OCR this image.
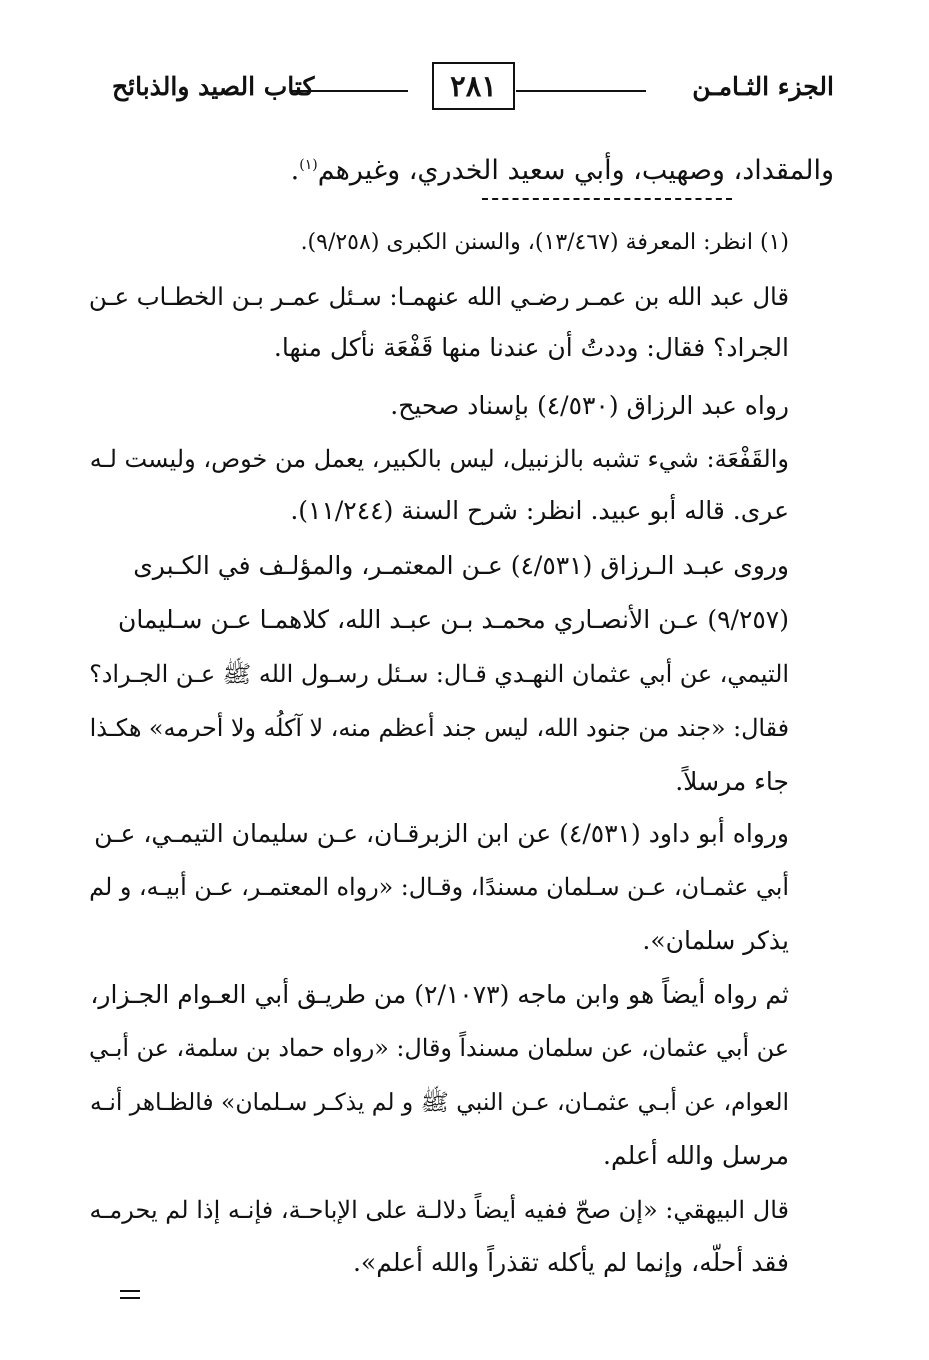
الجزء الثـامـن
٢٨١
كتاب الصيد والذبائح
والمقداد، وصهيب، وأبي سعيد الخدري، وغيرهم$^{(١)}$.
(١) انظر: المعرفة (١٣/٤٦٧)، والسنن الكبرى (٩/٢٥٨).
قال عبد الله بن عمـر رضـي الله عنهمـا: سـئل عمـر بـن الخطـاب عـن
الجراد؟ فقال: وددتُ أن عندنا منها قَفْعَة نأكل منها.
رواه عبد الرزاق (٤/٥٣٠) بإسناد صحيح.
والقَفْعَة: شيء تشبه بالزنبيل، ليس بالكبير، يعمل من خوص، وليست لـه
عرى. قاله أبو عبيد. انظر: شرح السنة (١١/٢٤٤).
وروى عبـد الـرزاق (٤/٥٣١) عـن المعتمـر، والمؤلـف في الكـبرى
(٩/٢٥٧) عـن الأنصـاري محمـد بـن عبـد الله، كلاهمـا عـن سـليمان
التيمي، عن أبي عثمان النهـدي قـال: سـئل رسـول الله ﷺ عـن الجـراد؟
فقال: «جند من جنود الله، ليس جند أعظم منه، لا آكلُه ولا أحرمه» هكـذا
جاء مرسلاً.
ورواه أبو داود (٤/٥٣١) عن ابن الزبرقـان، عـن سليمان التيمـي، عـن
أبي عثمـان، عـن سـلمان مسندًا، وقـال: «رواه المعتمـر، عـن أبيـه، و لم
يذكر سلمان».
ثم رواه أيضاً هو وابن ماجه (٢/١٠٧٣) من طريـق أبي العـوام الجـزار،
عن أبي عثمان، عن سلمان مسنداً وقال: «رواه حماد بن سلمة، عن أبـي
العوام، عن أبـي عثمـان، عـن النبي ﷺ و لم يذكـر سـلمان» فالظـاهر أنـه
مرسل والله أعلم.
قال البيهقي: «إن صحّ ففيه أيضاً دلالـة على الإباحـة، فإنـه إذا لم يحرمـه
فقد أحلّه، وإنما لم يأكله تقذراً والله أعلم».
